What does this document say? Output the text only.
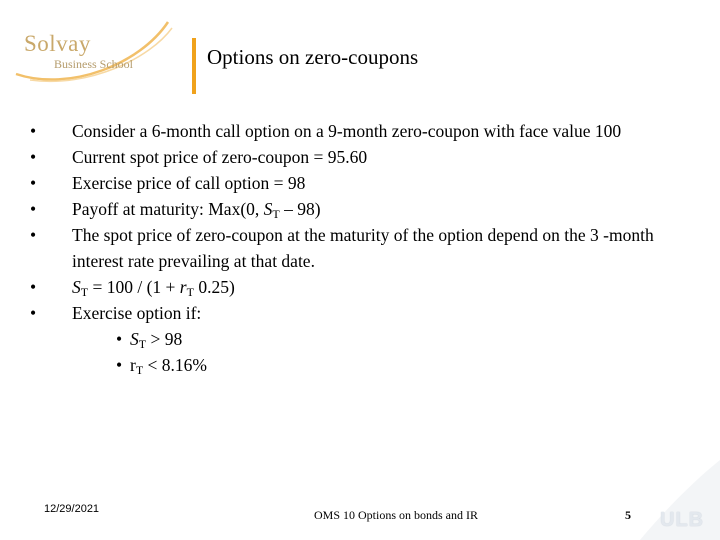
Solvay
Business School	Options on zero-coupons
• Consider a 6-month call option on a 9-month zero-coupon with face value 100
• Current spot price of zero-coupon = 95.60
• Exercise price of call option = 98
• Payoff at maturity: Max(0, $S_T - 98$)
• The spot price of zero-coupon at the maturity of the option depend on the 3 -month interest rate prevailing at that date.
• $S_T = 100 / (1 + r_T$ 0.25)
• Exercise option if:
• $S_T > 98$
• $r_T < 8.16\%$
12/29/2021	OMS 10 Options on bonds and IR	5 ULB
